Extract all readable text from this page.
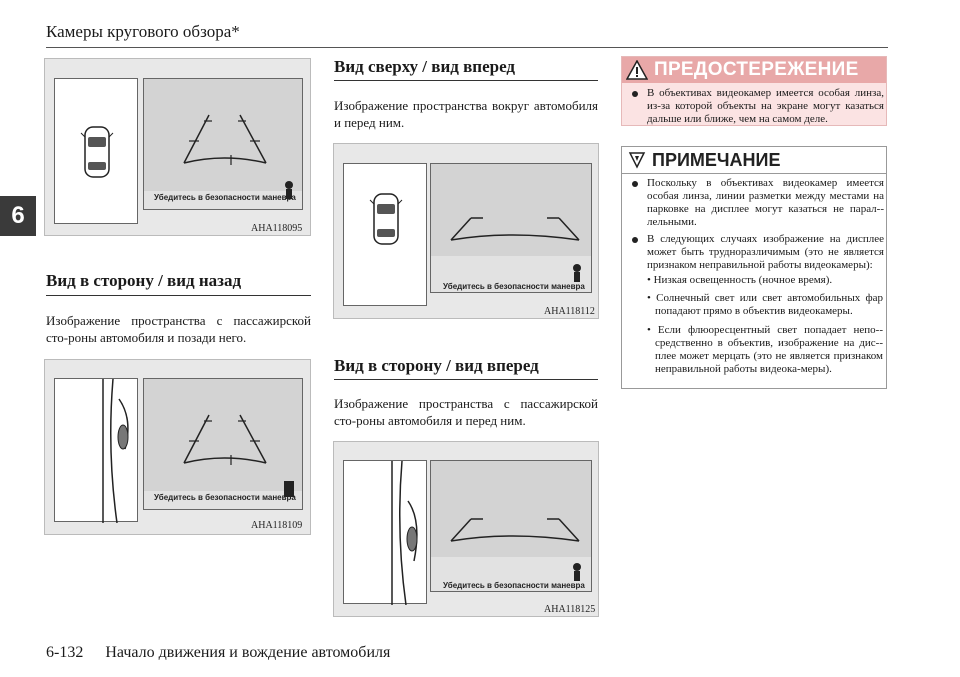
Камеры кругового обзора*
6
Убедитесь в безопасности маневра
AHA118095
Вид в сторону / вид назад
Изображение пространства с пассажирской сто-роны автомобиля и позади него.
Убедитесь в безопасности маневра
AHA118109
Вид сверху / вид вперед
Изображение пространства вокруг автомобиля и перед ним.
Убедитесь в безопасности маневра
AHA118112
Вид в сторону / вид вперед
Изображение пространства с пассажирской сто-роны автомобиля и перед ним.
Убедитесь в безопасности маневра
AHA118125
ПРЕДОСТЕРЕЖЕНИЕ
В объективах видеокамер имеется особая линза, из-за которой объекты на экране могут казаться дальше или ближе, чем на самом деле.
ПРИМЕЧАНИЕ
Поскольку в объективах видеокамер имеется особая линза, линии разметки между местами на парковке на дисплее могут казаться не парал-лельными.
В следующих случаях изображение на дисплее может быть трудноразличимым (это не является признаком неправильной работы видеокамеры):
• Низкая освещенность (ночное время).
• Солнечный свет или свет автомобильных фар попадают прямо в объектив видеокамеры.
• Если флюоресцентный свет попадает непо-средственно в объектив, изображение на дис-плее может мерцать (это не является признаком неправильной работы видеока-меры).
6-132 Начало движения и вождение автомобиля
